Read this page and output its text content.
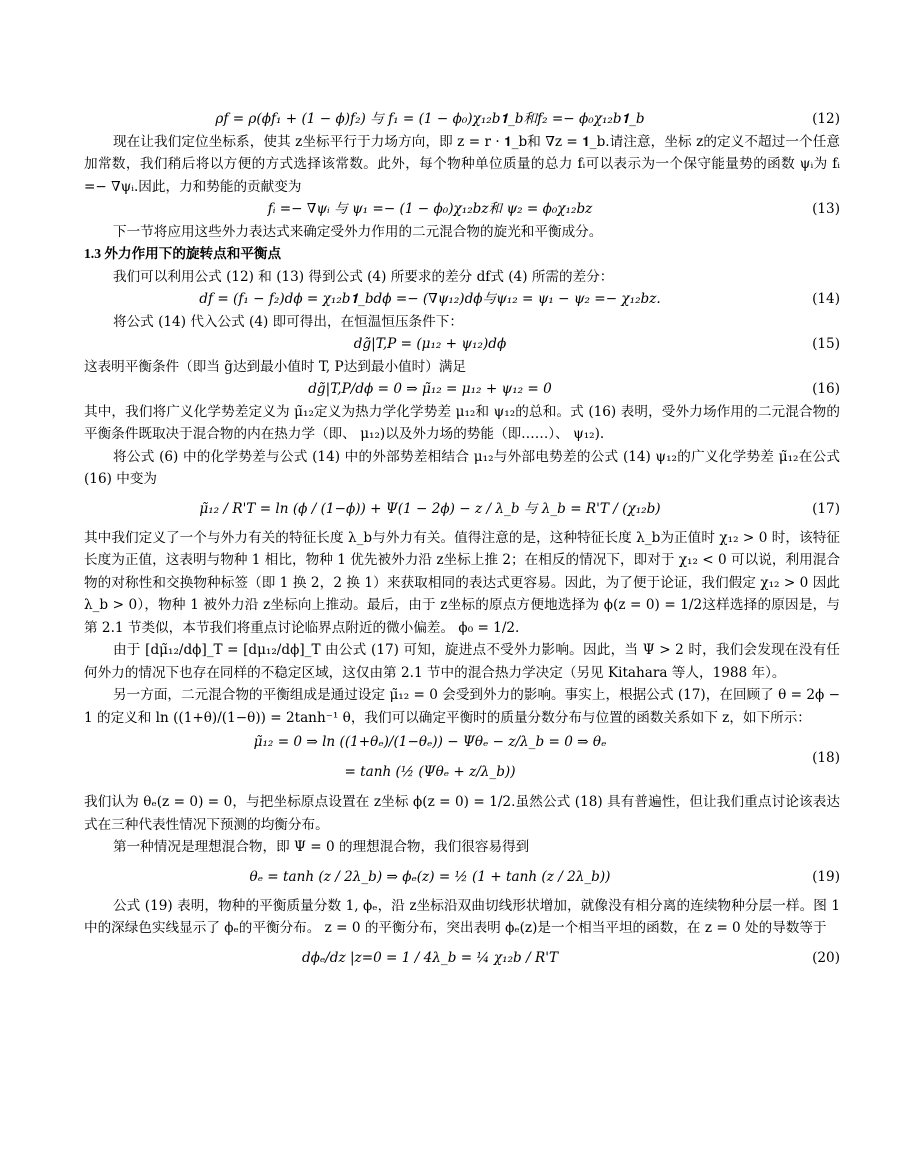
ρf = ρ(ϕf₁ + (1 − ϕ)f₂) 与 f₁ = (1 − ϕ₀)χ₁₂b𝟏_b和f₂ =− ϕ₀χ₁₂b𝟏_b	(12)

现在让我们定位坐标系，使其 z坐标平行于力场方向，即 z = r · 𝟏_b和 ∇z = 𝟏_b.请注意，坐标 z的定义不超过一个任意加常数，我们稍后将以方便的方式选择该常数。此外，每个物种单位质量的总力 fᵢ可以表示为一个保守能量势的函数 ψᵢ为 fᵢ =− ∇ψᵢ.因此，力和势能的贡献变为

fᵢ =− ∇ψᵢ 与 ψ₁ =− (1 − ϕ₀)χ₁₂bz和 ψ₂ = ϕ₀χ₁₂bz	(13)

下一节将应用这些外力表达式来确定受外力作用的二元混合物的旋光和平衡成分。

1.3 外力作用下的旋转点和平衡点

我们可以利用公式 (12) 和 (13) 得到公式 (4) 所要求的差分 df式 (4) 所需的差分：

df = (f₁ − f₂)dϕ = χ₁₂b𝟏_bdϕ =− (∇ψ₁₂)dϕ与ψ₁₂ = ψ₁ − ψ₂ =− χ₁₂bz.	(14)

将公式 (14) 代入公式 (4) 即可得出，在恒温恒压条件下：

dg̃|T,P = (μ₁₂ + ψ₁₂)dϕ	(15)

这表明平衡条件（即当 g̃达到最小值时 T, P达到最小值时）满足

dg̃|T,P/dϕ = 0 ⇒ μ̃₁₂ = μ₁₂ + ψ₁₂ = 0	(16)

其中，我们将广义化学势差定义为 μ̃₁₂定义为热力学化学势差 μ₁₂和 ψ₁₂的总和。式 (16) 表明，受外力场作用的二元混合物的平衡条件既取决于混合物的内在热力学（即、 μ₁₂)以及外力场的势能（即……）、 ψ₁₂).

将公式 (6) 中的化学势差与公式 (14) 中的外部势差相结合 μ₁₂与外部电势差的公式 (14) ψ₁₂的广义化学势差 μ̃₁₂在公式 (16) 中变为

μ̃₁₂ / R'T = ln (ϕ / (1−ϕ)) + Ψ(1 − 2ϕ) − z / λ_b 与 λ_b = R'T / (χ₁₂b)	(17)

其中我们定义了一个与外力有关的特征长度 λ_b与外力有关。值得注意的是，这种特征长度 λ_b为正值时 χ₁₂ > 0 时，该特征长度为正值，这表明与物种 1 相比，物种 1 优先被外力沿 z坐标上推 2；在相反的情况下，即对于 χ₁₂ < 0 可以说，利用混合物的对称性和交换物种标签（即 1 换 2，2 换 1）来获取相同的表达式更容易。因此，为了便于论证，我们假定 χ₁₂ > 0 因此 λ_b > 0），物种 1 被外力沿 z坐标向上推动。最后，由于 z坐标的原点方便地选择为 ϕ(z = 0) = 1/2这样选择的原因是，与第 2.1 节类似，本节我们将重点讨论临界点附近的微小偏差。 ϕ₀ = 1/2.

由于 [dμ̃₁₂/dϕ]_T = [dμ₁₂/dϕ]_T 由公式 (17) 可知，旋进点不受外力影响。因此，当 Ψ > 2 时，我们会发现在没有任何外力的情况下也存在同样的不稳定区域，这仅由第 2.1 节中的混合热力学决定（另见 Kitahara 等人，1988 年）。

另一方面，二元混合物的平衡组成是通过设定 μ̃₁₂ = 0 会受到外力的影响。事实上，根据公式 (17)，在回顾了 θ = 2ϕ − 1 的定义和 ln ((1+θ)/(1−θ)) = 2tanh⁻¹ θ，我们可以确定平衡时的质量分数分布与位置的函数关系如下 z，如下所示：

μ̃₁₂ = 0 ⇒ ln ((1+θₑ)/(1−θₑ)) − Ψθₑ − z/λ_b = 0 ⇒ θₑ
= tanh (½ (Ψθₑ + z/λ_b))
(18)

我们认为 θₑ(z = 0) = 0，与把坐标原点设置在 z坐标 ϕ(z = 0) = 1/2.虽然公式 (18) 具有普遍性，但让我们重点讨论该表达式在三种代表性情况下预测的均衡分布。

第一种情况是理想混合物，即 Ψ = 0 的理想混合物，我们很容易得到

θₑ = tanh (z / 2λ_b) ⇒ ϕₑ(z) = ½ (1 + tanh (z / 2λ_b))	(19)

公式 (19) 表明，物种的平衡质量分数 1, ϕₑ，沿 z坐标沿双曲切线形状增加，就像没有相分离的连续物种分层一样。图 1 中的深绿色实线显示了 ϕₑ的平衡分布。 z = 0 的平衡分布，突出表明 ϕₑ(z)是一个相当平坦的函数，在 z = 0 处的导数等于

dϕₑ/dz |z=0 = 1 / 4λ_b = ¼ χ₁₂b / R'T	(20)
